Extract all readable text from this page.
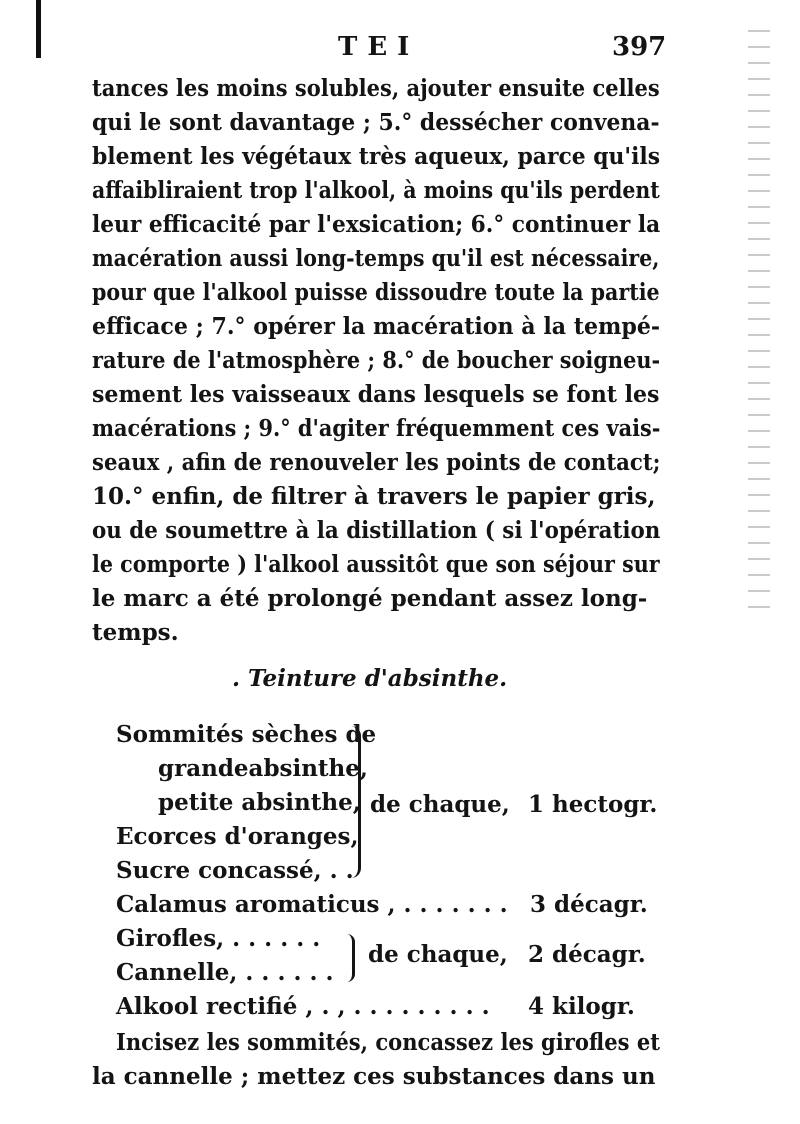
TEI	397
tances les moins solubles, ajouter ensuite celles
qui le sont davantage ; 5.° dessécher convena-
blement les végétaux très aqueux, parce qu'ils
affaibliraient trop l'alkool, à moins qu'ils perdent
leur efficacité par l'exsication; 6.° continuer la
macération aussi long-temps qu'il est nécessaire,
pour que l'alkool puisse dissoudre toute la partie
efficace ; 7.° opérer la macération à la tempé-
rature de l'atmosphère ; 8.° de boucher soigneu-
sement les vaisseaux dans lesquels se font les
macérations ; 9.° d'agiter fréquemment ces vais-
seaux , afin de renouveler les points de contact;
10.° enfin, de filtrer à travers le papier gris,
ou de soumettre à la distillation ( si l'opération
le comporte ) l'alkool aussitôt que son séjour sur
le marc a été prolongé pendant assez long-
temps.
. Teinture d'absinthe.
Sommités sèches de
grandeabsinthe,
petite absinthe,
Ecorces d'oranges,
Sucre concassé, . .
de chaque, 1 hectogr.
Calamus aromaticus , . . . . . . . 3 décagr.
Girofles, . . . . . .
Cannelle, . . . . . .
de chaque, 2 décagr.
Alkool rectifié , . , . . . . . . . . . 4 kilogr.
Incisez les sommités, concassez les girofles et
la cannelle ; mettez ces substances dans un
